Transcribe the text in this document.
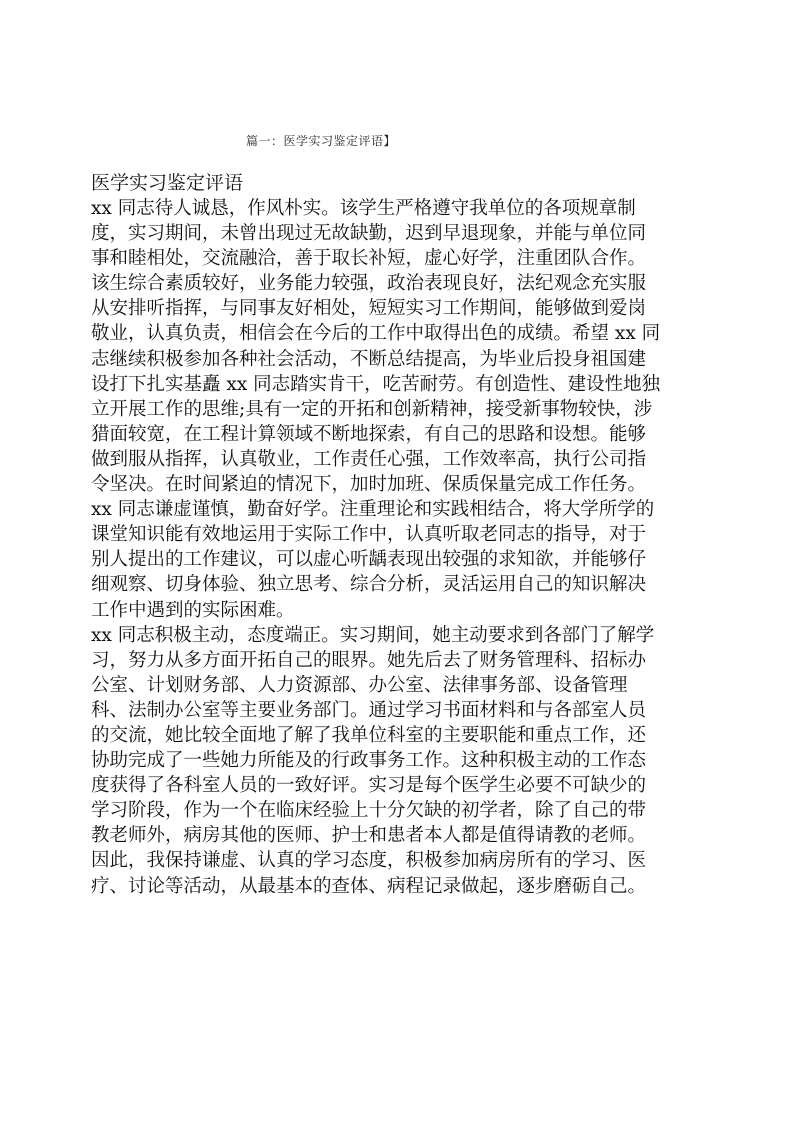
篇一：医学实习鉴定评语】
医学实习鉴定评语
xx 同志待人诚恳，作风朴实。该学生严格遵守我单位的各项规章制
度，实习期间，未曾出现过无故缺勤，迟到早退现象，并能与单位同
事和睦相处，交流融洽，善于取长补短，虚心好学，注重团队合作。
该生综合素质较好，业务能力较强，政治表现良好，法纪观念充实服
从安排听指挥，与同事友好相处，短短实习工作期间，能够做到爱岗
敬业，认真负责，相信会在今后的工作中取得出色的成绩。希望 xx 同
志继续积极参加各种社会活动，不断总结提高，为毕业后投身祖国建
设打下扎实基矗 xx 同志踏实肯干，吃苦耐劳。有创造性、建设性地独
立开展工作的思维;具有一定的开拓和创新精神，接受新事物较快，涉
猎面较宽，在工程计算领域不断地探索，有自己的思路和设想。能够
做到服从指挥，认真敬业，工作责任心强，工作效率高，执行公司指
令坚决。在时间紧迫的情况下，加时加班、保质保量完成工作任务。
xx 同志谦虚谨慎，勤奋好学。注重理论和实践相结合，将大学所学的
课堂知识能有效地运用于实际工作中，认真听取老同志的指导，对于
别人提出的工作建议，可以虚心听龋表现出较强的求知欲，并能够仔
细观察、切身体验、独立思考、综合分析，灵活运用自己的知识解决
工作中遇到的实际困难。
xx 同志积极主动，态度端正。实习期间，她主动要求到各部门了解学
习，努力从多方面开拓自己的眼界。她先后去了财务管理科、招标办
公室、计划财务部、人力资源部、办公室、法律事务部、设备管理
科、法制办公室等主要业务部门。通过学习书面材料和与各部室人员
的交流，她比较全面地了解了我单位科室的主要职能和重点工作，还
协助完成了一些她力所能及的行政事务工作。这种积极主动的工作态
度获得了各科室人员的一致好评。实习是每个医学生必要不可缺少的
学习阶段，作为一个在临床经验上十分欠缺的初学者，除了自己的带
教老师外，病房其他的医师、护士和患者本人都是值得请教的老师。
因此，我保持谦虚、认真的学习态度，积极参加病房所有的学习、医
疗、讨论等活动，从最基本的查体、病程记录做起，逐步磨砺自己。
